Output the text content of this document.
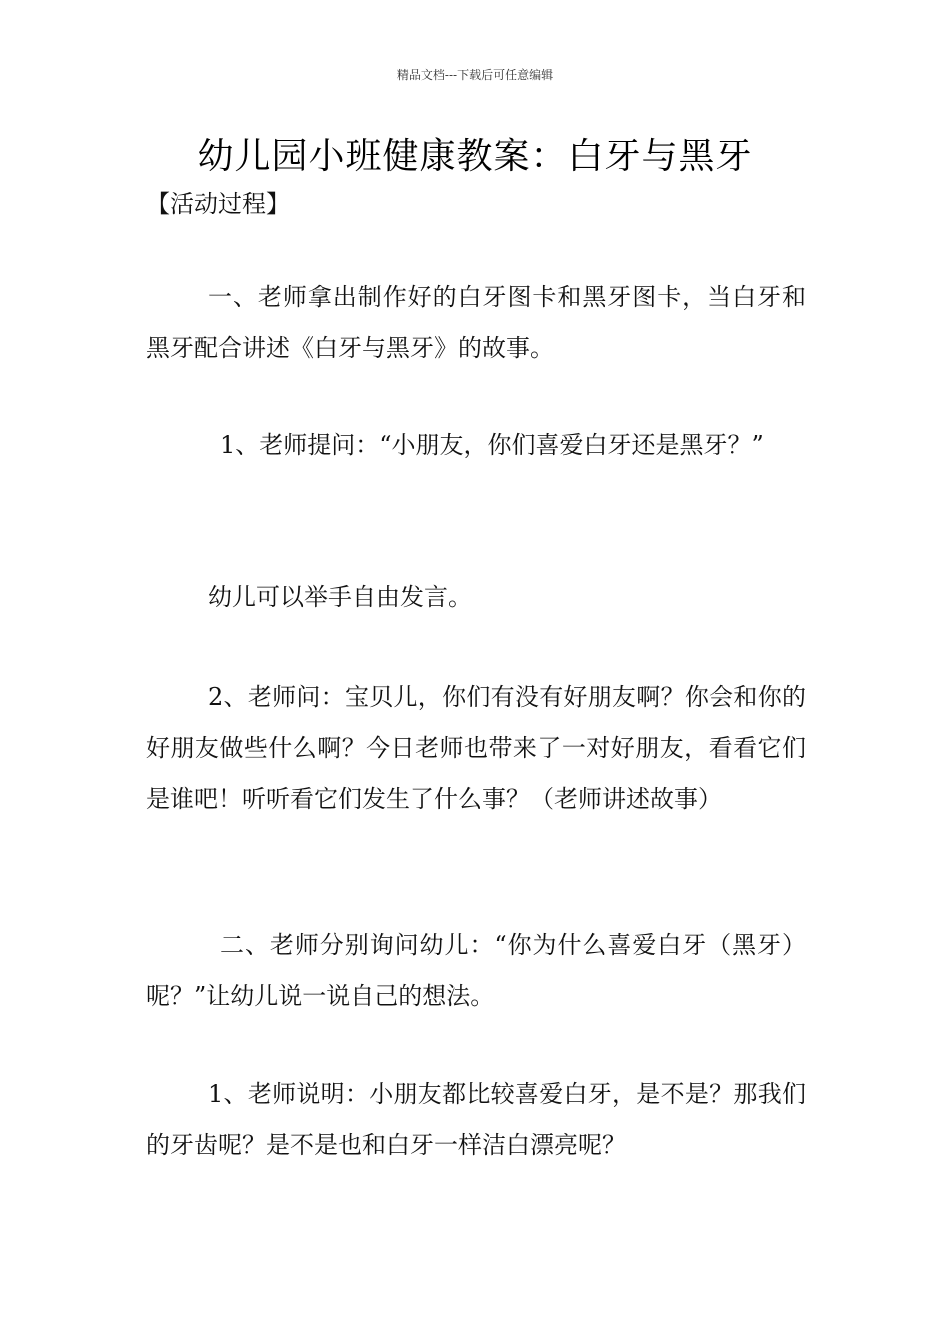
精品文档---下载后可任意编辑
幼儿园小班健康教案：白牙与黑牙
【活动过程】

一、老师拿出制作好的白牙图卡和黑牙图卡，当白牙和黑牙配合讲述《白牙与黑牙》的故事。

1、老师提问：“小朋友，你们喜爱白牙还是黑牙？”

幼儿可以举手自由发言。

2、老师问：宝贝儿，你们有没有好朋友啊？你会和你的好朋友做些什么啊？今日老师也带来了一对好朋友，看看它们是谁吧！听听看它们发生了什么事？（老师讲述故事）

二、老师分别询问幼儿：“你为什么喜爱白牙（黑牙）呢？”让幼儿说一说自己的想法。

1、老师说明：小朋友都比较喜爱白牙，是不是？那我们的牙齿呢？是不是也和白牙一样洁白漂亮呢？
